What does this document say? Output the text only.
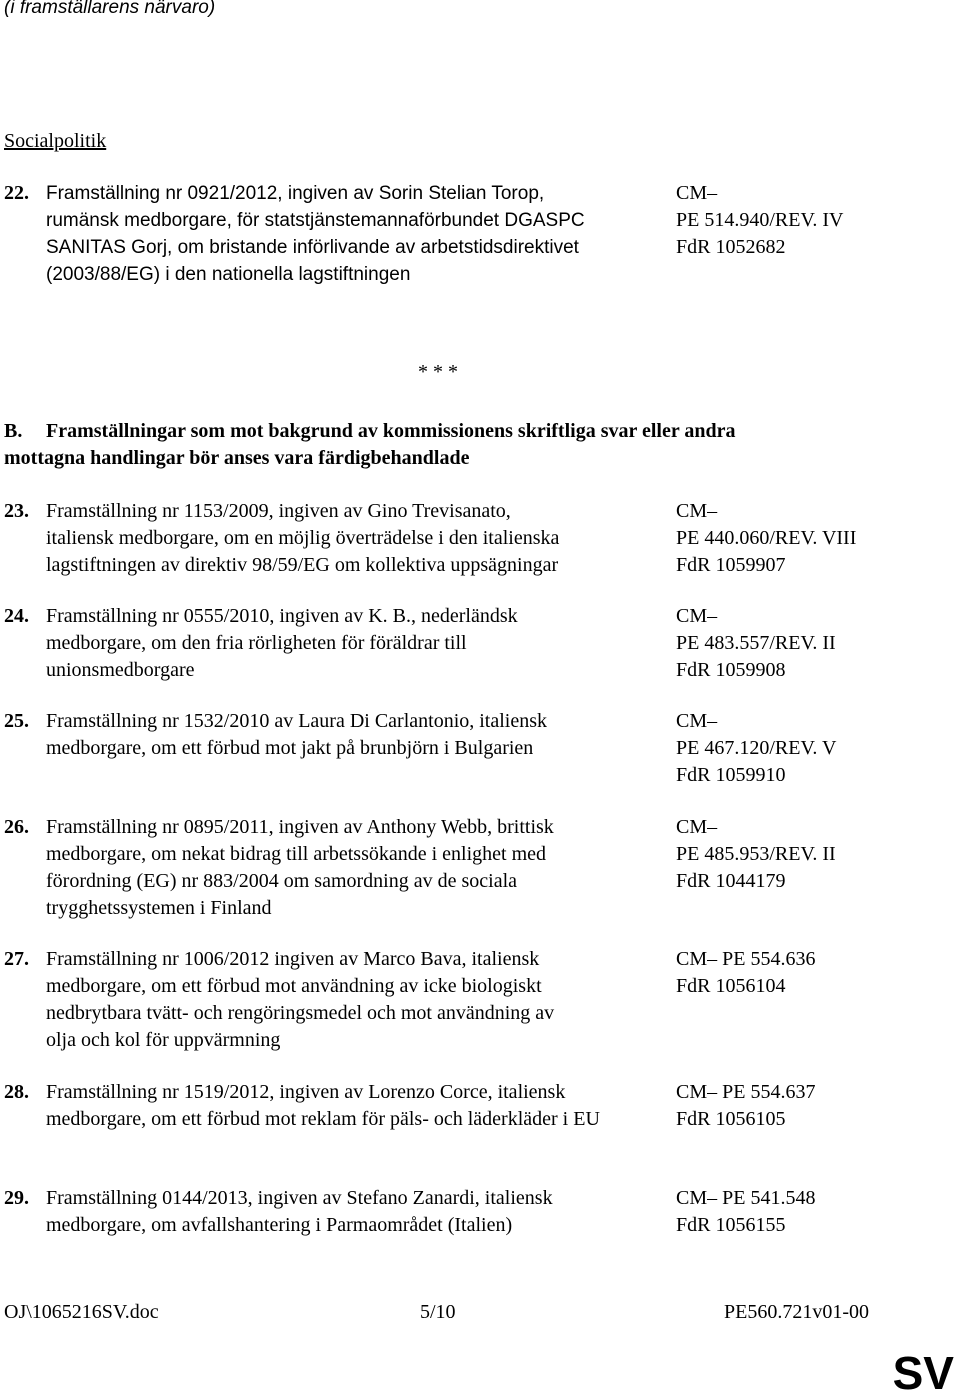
(i framställarens närvaro)

Socialpolitik

22. Framställning nr 0921/2012, ingiven av Sorin Stelian Torop,
rumänsk medborgare, för statstjänstemannaförbundet DGASPC
SANITAS Gorj, om bristande införlivande av arbetstidsdirektivet
(2003/88/EG) i den nationella lagstiftningen
CM–
PE 514.940/REV. IV
FdR 1052682

* * *

B. Framställningar som mot bakgrund av kommissionens skriftliga svar eller andra

mottagna handlingar bör anses vara färdigbehandlade

23. Framställning nr 1153/2009, ingiven av Gino Trevisanato,
italiensk medborgare, om en möjlig överträdelse i den italienska
lagstiftningen av direktiv 98/59/EG om kollektiva uppsägningar
CM–
PE 440.060/REV. VIII
FdR 1059907
24. Framställning nr 0555/2010, ingiven av K. B., nederländsk
medborgare, om den fria rörligheten för föräldrar till
unionsmedborgare
CM–
PE 483.557/REV. II
FdR 1059908
25. Framställning nr 1532/2010 av Laura Di Carlantonio, italiensk
medborgare, om ett förbud mot jakt på brunbjörn i Bulgarien
CM–
PE 467.120/REV. V
FdR 1059910
26. Framställning nr 0895/2011, ingiven av Anthony Webb, brittisk
medborgare, om nekat bidrag till arbetssökande i enlighet med
förordning (EG) nr 883/2004 om samordning av de sociala
trygghetssystemen i Finland
CM–
PE 485.953/REV. II
FdR 1044179
27. Framställning nr 1006/2012 ingiven av Marco Bava, italiensk
medborgare, om ett förbud mot användning av icke biologiskt
nedbrytbara tvätt- och rengöringsmedel och mot användning av
olja och kol för uppvärmning
CM– PE 554.636
FdR 1056104
28. Framställning nr 1519/2012, ingiven av Lorenzo Corce, italiensk
medborgare, om ett förbud mot reklam för päls- och läderkläder i EU
CM– PE 554.637
FdR 1056105
29. Framställning 0144/2013, ingiven av Stefano Zanardi, italiensk
medborgare, om avfallshantering i Parmaområdet (Italien)
CM– PE 541.548
FdR 1056155

OJ\1065216SV.doc	5/10	PE560.721v01-00

SV
